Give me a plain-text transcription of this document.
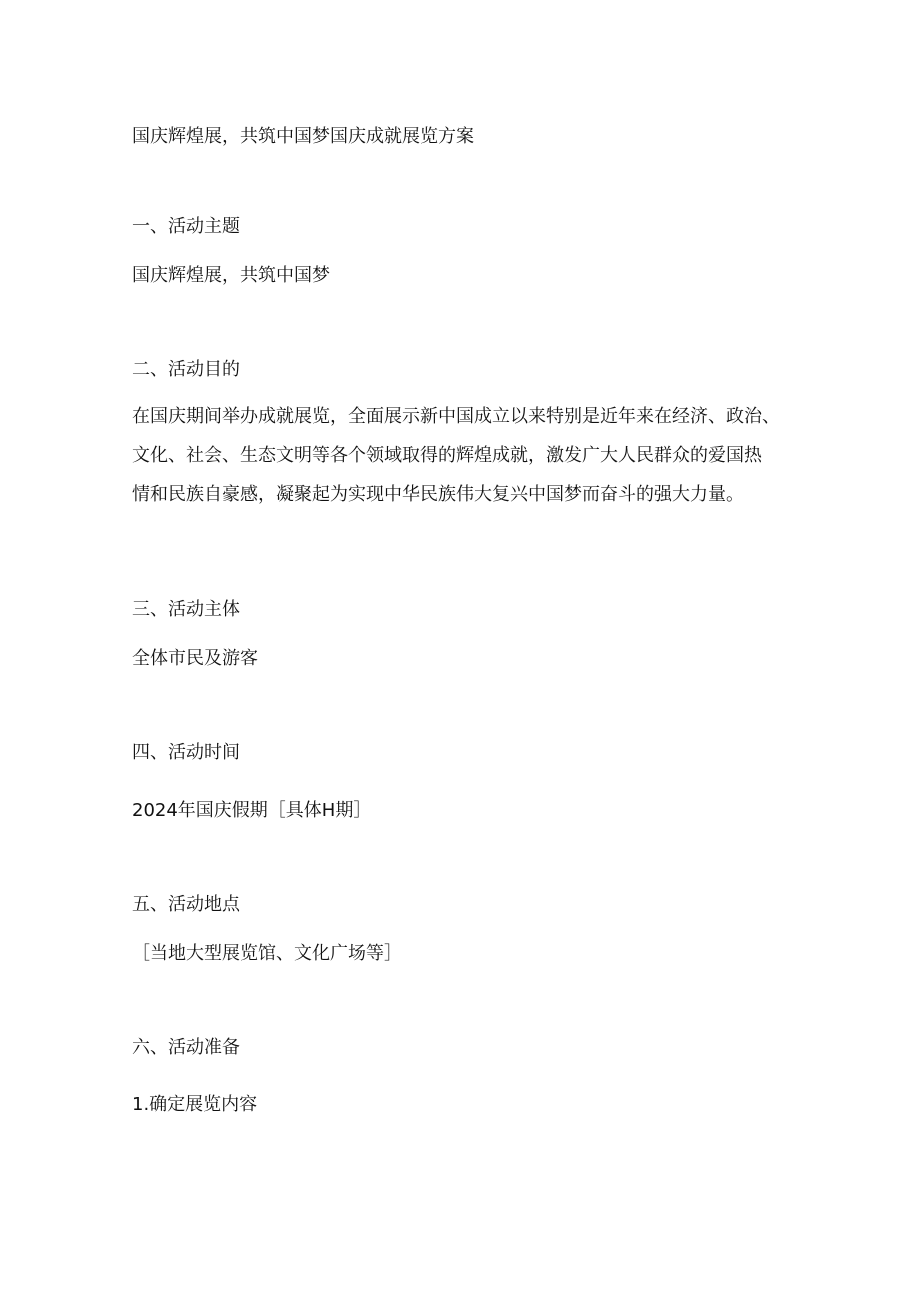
国庆辉煌展，共筑中国梦国庆成就展览方案
一、活动主题
国庆辉煌展，共筑中国梦
二、活动目的
在国庆期间举办成就展览，全面展示新中国成立以来特别是近年来在经济、政治、
文化、社会、生态文明等各个领域取得的辉煌成就，激发广大人民群众的爱国热
情和民族自豪感，凝聚起为实现中华民族伟大复兴中国梦而奋斗的强大力量。
三、活动主体
全体市民及游客
四、活动时间
2024年国庆假期［具体H期］
五、活动地点
［当地大型展览馆、文化广场等］
六、活动准备
1.确定展览内容
